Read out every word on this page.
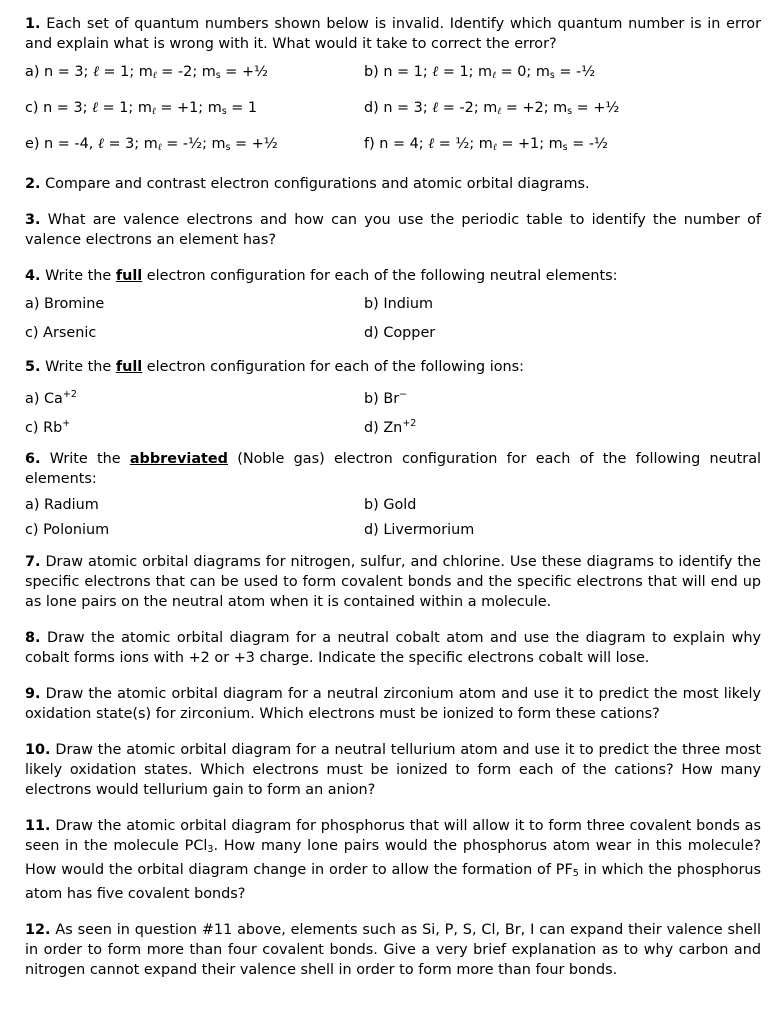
1. Each set of quantum numbers shown below is invalid. Identify which quantum number is in error and explain what is wrong with it. What would it take to correct the error?

a) n = 3; ℓ = 1; $m_\ell = -2$; $m_s$ = +½	b) n = 1; ℓ = 1; $m_\ell = 0$; $m_s$ = -½
c) n = 3; ℓ = 1; $m_\ell = +1$; $m_s = 1$	d) n = 3; ℓ = -2; $m_\ell = +2$; $m_s$ = +½
e) n = -4, ℓ = 3; $m_\ell$ = -½; $m_s$ = +½	f) n = 4; ℓ = ½; $m_\ell = +1$; $m_s$ = -½

2. Compare and contrast electron configurations and atomic orbital diagrams.

3. What are valence electrons and how can you use the periodic table to identify the number of valence electrons an element has?

4. Write the full electron configuration for each of the following neutral elements:

a) Bromine	b) Indium
c) Arsenic	d) Copper

5. Write the full electron configuration for each of the following ions:

a) $Ca^{+2}$	b) Br−
c) Rb+	d) $Zn^{+2}$

6. Write the abbreviated (Noble gas) electron configuration for each of the following neutral elements:

a) Radium	b) Gold
c) Polonium	d) Livermorium

7. Draw atomic orbital diagrams for nitrogen, sulfur, and chlorine. Use these diagrams to identify the specific electrons that can be used to form covalent bonds and the specific electrons that will end up as lone pairs on the neutral atom when it is contained within a molecule.

8. Draw the atomic orbital diagram for a neutral cobalt atom and use the diagram to explain why cobalt forms ions with +2 or +3 charge. Indicate the specific electrons cobalt will lose.

9. Draw the atomic orbital diagram for a neutral zirconium atom and use it to predict the most likely oxidation state(s) for zirconium. Which electrons must be ionized to form these cations?

10. Draw the atomic orbital diagram for a neutral tellurium atom and use it to predict the three most likely oxidation states. Which electrons must be ionized to form each of the cations? How many electrons would tellurium gain to form an anion?

11. Draw the atomic orbital diagram for phosphorus that will allow it to form three covalent bonds as seen in the molecule PCl$_3$. How many lone pairs would the phosphorus atom wear in this molecule? How would the orbital diagram change in order to allow the formation of $PF_5$ in which the phosphorus atom has five covalent bonds?

12. As seen in question #11 above, elements such as Si, P, S, Cl, Br, I can expand their valence shell in order to form more than four covalent bonds. Give a very brief explanation as to why carbon and nitrogen cannot expand their valence shell in order to form more than four bonds.
